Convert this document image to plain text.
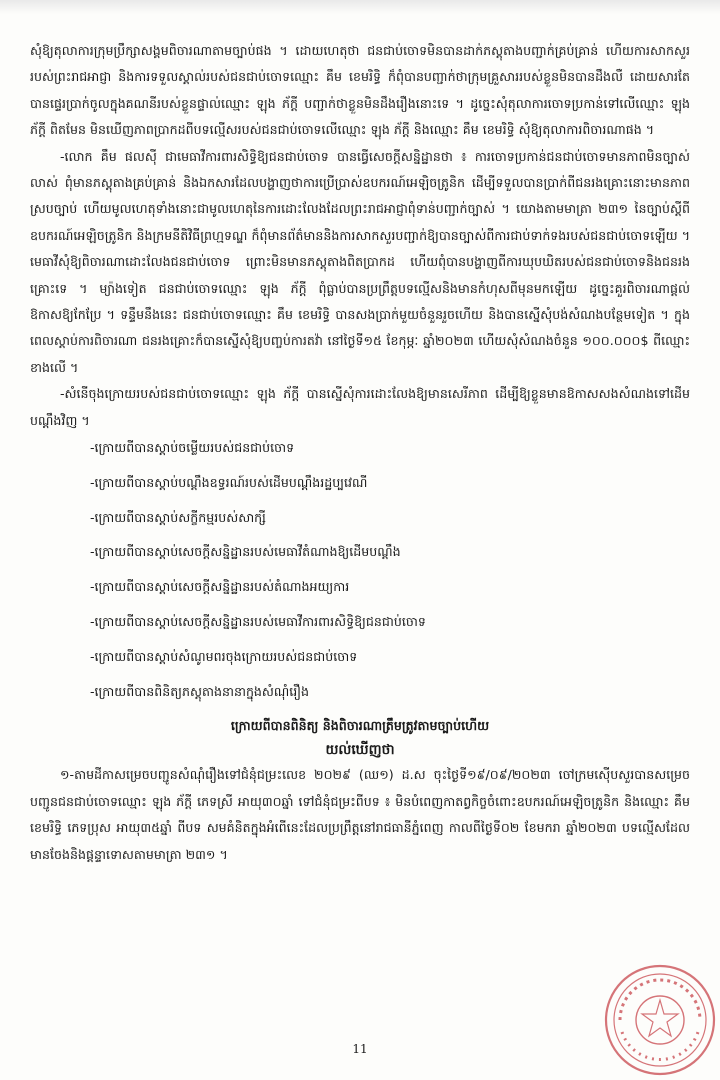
សុំឱ្យតុលាការក្រុមប្រឹក្សាសង្គមពិចារណាតាមច្បាប់ផង ។ ដោយហេតុថា ជនជាប់ចោទមិនបានដាក់ភស្តុតាងបញ្ជាក់គ្រប់គ្រាន់ ហើយការសាកសួររបស់ព្រះរាជអាជ្ញា និងការទទួលស្គាល់របស់ជនជាប់ចោទឈ្មោះ គឹម ខេមរិទ្ធិ ក៏ពុំបានបញ្ជាក់ថាក្រុមគ្រួសាររបស់ខ្លួនមិនបានដឹងលឺ ដោយសារតែបានផ្ទេរប្រាក់ចូលក្នុងគណនីរបស់ខ្លួនផ្ទាល់ឈ្មោះ ឡុង ភ័ក្តី បញ្ជាក់ថាខ្លួនមិនដឹងរឿងនោះទេ ។ ដូច្នេះសុំតុលាការចោទប្រកាន់ទៅលើឈ្មោះ ឡុង ភ័ក្តី ពិតមែន មិនឃើញភាពប្រាកដពីបទល្មើសរបស់ជនជាប់ចោទលើឈ្មោះ ឡុង ភ័ក្តី និងឈ្មោះ គឹម ខេមរិទ្ធិ សុំឱ្យតុលាការពិចារណាផង ។

-លោក គឹម ផលស៊ី ជាមេធាវីការពារសិទ្ធិឱ្យជនជាប់ចោទ បានធ្វើសេចក្តីសន្និដ្ឋានថា ៖ ការចោទប្រកាន់ជនជាប់ចោទមានភាពមិនច្បាស់លាស់ ពុំមានភស្តុតាងគ្រប់គ្រាន់ និងឯកសារដែលបង្ហាញថាការប្រើប្រាស់ឧបករណ៍អេឡិចត្រូនិក ដើម្បីទទួលបានប្រាក់ពីជនរងគ្រោះនោះមានភាពស្របច្បាប់ ហើយមូលហេតុទាំងនោះជាមូលហេតុនៃការដោះលែងដែលព្រះរាជអាជ្ញាពុំទាន់បញ្ជាក់ច្បាស់ ។ យោងតាមមាត្រា ២៣១ នៃច្បាប់ស្តីពីឧបករណ៍អេឡិចត្រូនិក និងក្រមនីតិវិធីព្រហ្មទណ្ឌ ក៏ពុំមានព័ត៌មាននិងការសាកសួរបញ្ជាក់ឱ្យបានច្បាស់ពីការជាប់ទាក់ទងរបស់ជនជាប់ចោទឡើយ ។ មេធាវីសុំឱ្យពិចារណាដោះលែងជនជាប់ចោទ ព្រោះមិនមានភស្តុតាងពិតប្រាកដ ហើយពុំបានបង្ហាញពីការឃុបឃិតរបស់ជនជាប់ចោទនិងជនរងគ្រោះទេ ។ ម្យ៉ាងទៀត ជនជាប់ចោទឈ្មោះ ឡុង ភ័ក្តី ពុំធ្លាប់បានប្រព្រឹត្តបទល្មើសនិងមានកំហុសពីមុនមកឡើយ ដូច្នេះគួរពិចារណាផ្តល់ឱកាសឱ្យកែប្រែ ។ ទន្ទឹមនឹងនេះ ជនជាប់ចោទឈ្មោះ គឹម ខេមរិទ្ធិ បានសងប្រាក់មួយចំនួនរួចហើយ និងបានស្នើសុំបង់សំណងបន្ថែមទៀត ។ ក្នុងពេលស្ដាប់ការពិចារណា ជនរងគ្រោះក៏បានស្នើសុំឱ្យបញ្ចប់ការតវ៉ា នៅថ្ងៃទី១៥ ខែកុម្ភៈ ឆ្នាំ២០២៣ ហើយសុំសំណងចំនួន ១០០.០០០$ ពីឈ្មោះខាងលើ ។

-សំនើចុងក្រោយរបស់ជនជាប់ចោទឈ្មោះ ឡុង ភ័ក្តី បានស្នើសុំការដោះលែងឱ្យមានសេរីភាព ដើម្បីឱ្យខ្លួនមានឱកាសសងសំណងទៅដើមបណ្តឹងវិញ ។

-ក្រោយពីបានស្តាប់ចម្លើយរបស់ជនជាប់ចោទ
-ក្រោយពីបានស្តាប់បណ្តឹងឧទ្ធរណ៍របស់ដើមបណ្តឹងរដ្ឋប្បវេណី
-ក្រោយពីបានស្តាប់សក្ខីកម្មរបស់សាក្សី
-ក្រោយពីបានស្តាប់សេចក្តីសន្និដ្ឋានរបស់មេធាវីតំណាងឱ្យដើមបណ្តឹង
-ក្រោយពីបានស្តាប់សេចក្តីសន្និដ្ឋានរបស់តំណាងអយ្យការ
-ក្រោយពីបានស្តាប់សេចក្តីសន្និដ្ឋានរបស់មេធាវីការពារសិទ្ធិឱ្យជនជាប់ចោទ
-ក្រោយពីបានស្តាប់សំណូមពរចុងក្រោយរបស់ជនជាប់ចោទ
-ក្រោយពីបានពិនិត្យភស្តុតាងនានាក្នុងសំណុំរឿង

ក្រោយពីបានពិនិត្យ និងពិចារណាត្រឹមត្រូវតាមច្បាប់ហើយ

យល់ឃើញថា

១-តាមដីកាសម្រេចបញ្ជូនសំណុំរឿងទៅជំនុំជម្រះលេខ ២០២៩ (ឈ១) ដ.ស ចុះថ្ងៃទី១៩/០៩/២០២៣ ចៅក្រមស៊ើបសួរបានសម្រេចបញ្ជូនជនជាប់ចោទឈ្មោះ ឡុង ភ័ក្តី ភេទស្រី អាយុ៣០ឆ្នាំ ទៅជំនុំជម្រះពីបទ ៖ មិនបំពេញកាតព្វកិច្ចចំពោះឧបករណ៍អេឡិចត្រូនិក និងឈ្មោះ គឹម ខេមរិទ្ធិ ភេទប្រុស អាយុ៣៥ឆ្នាំ ពីបទ សមគំនិតក្នុងអំពើនេះដែលប្រព្រឹត្តនៅរាជធានីភ្នំពេញ កាលពីថ្ងៃទី០២ ខែមករា ឆ្នាំ២០២៣ បទល្មើសដែលមានចែងនិងផ្តន្ទាទោសតាមមាត្រា ២៣១ ។

11
